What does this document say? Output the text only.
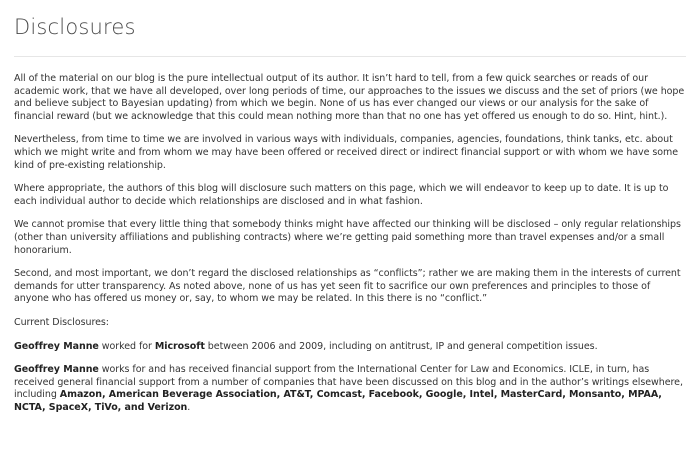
Disclosures

All of the material on our blog is the pure intellectual output of its author. It isn’t hard to tell, from a few quick searches or reads of our academic work, that we have all developed, over long periods of time, our approaches to the issues we discuss and the set of priors (we hope and believe subject to Bayesian updating) from which we begin. None of us has ever changed our views or our analysis for the sake of financial reward (but we acknowledge that this could mean nothing more than that no one has yet offered us enough to do so. Hint, hint.).

Nevertheless, from time to time we are involved in various ways with individuals, companies, agencies, foundations, think tanks, etc. about which we might write and from whom we may have been offered or received direct or indirect financial support or with whom we have some kind of pre-existing relationship.

Where appropriate, the authors of this blog will disclosure such matters on this page, which we will endeavor to keep up to date. It is up to each individual author to decide which relationships are disclosed and in what fashion.

We cannot promise that every little thing that somebody thinks might have affected our thinking will be disclosed – only regular relationships (other than university affiliations and publishing contracts) where we’re getting paid something more than travel expenses and/or a small honorarium.

Second, and most important, we don’t regard the disclosed relationships as “conflicts”; rather we are making them in the interests of current demands for utter transparency. As noted above, none of us has yet seen fit to sacrifice our own preferences and principles to those of anyone who has offered us money or, say, to whom we may be related. In this there is no “conflict.”

Current Disclosures:

Geoffrey Manne worked for Microsoft between 2006 and 2009, including on antitrust, IP and general competition issues.

Geoffrey Manne works for and has received financial support from the International Center for Law and Economics. ICLE, in turn, has received general financial support from a number of companies that have been discussed on this blog and in the author’s writings elsewhere, including Amazon, American Beverage Association, AT&T, Comcast, Facebook, Google, Intel, MasterCard, Monsanto, MPAA, NCTA, SpaceX, TiVo, and Verizon.
